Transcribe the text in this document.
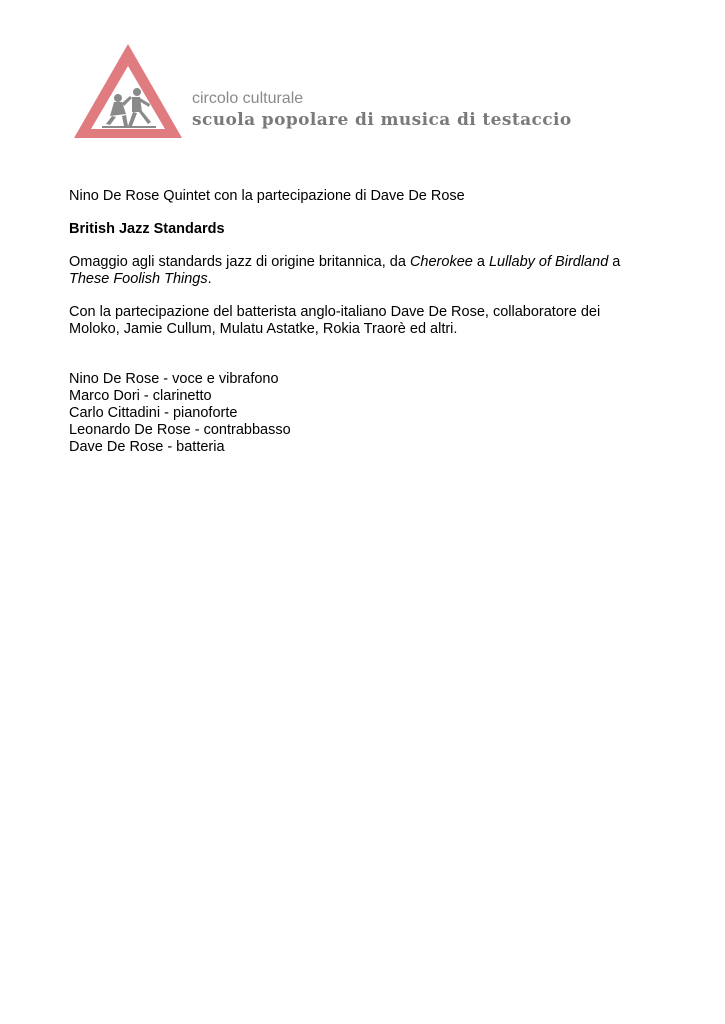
circolo culturale
scuola popolare di musica di testaccio

Nino De Rose Quintet con la partecipazione di Dave De Rose

British Jazz Standards

Omaggio agli standards jazz di origine britannica, da Cherokee a Lullaby of Birdland a These Foolish Things.

Con la partecipazione del batterista anglo-italiano Dave De Rose, collaboratore dei Moloko, Jamie Cullum, Mulatu Astatke, Rokia Traorè ed altri.

Nino De Rose - voce e vibrafono

Marco Dori - clarinetto

Carlo Cittadini - pianoforte

Leonardo De Rose - contrabbasso

Dave De Rose - batteria
